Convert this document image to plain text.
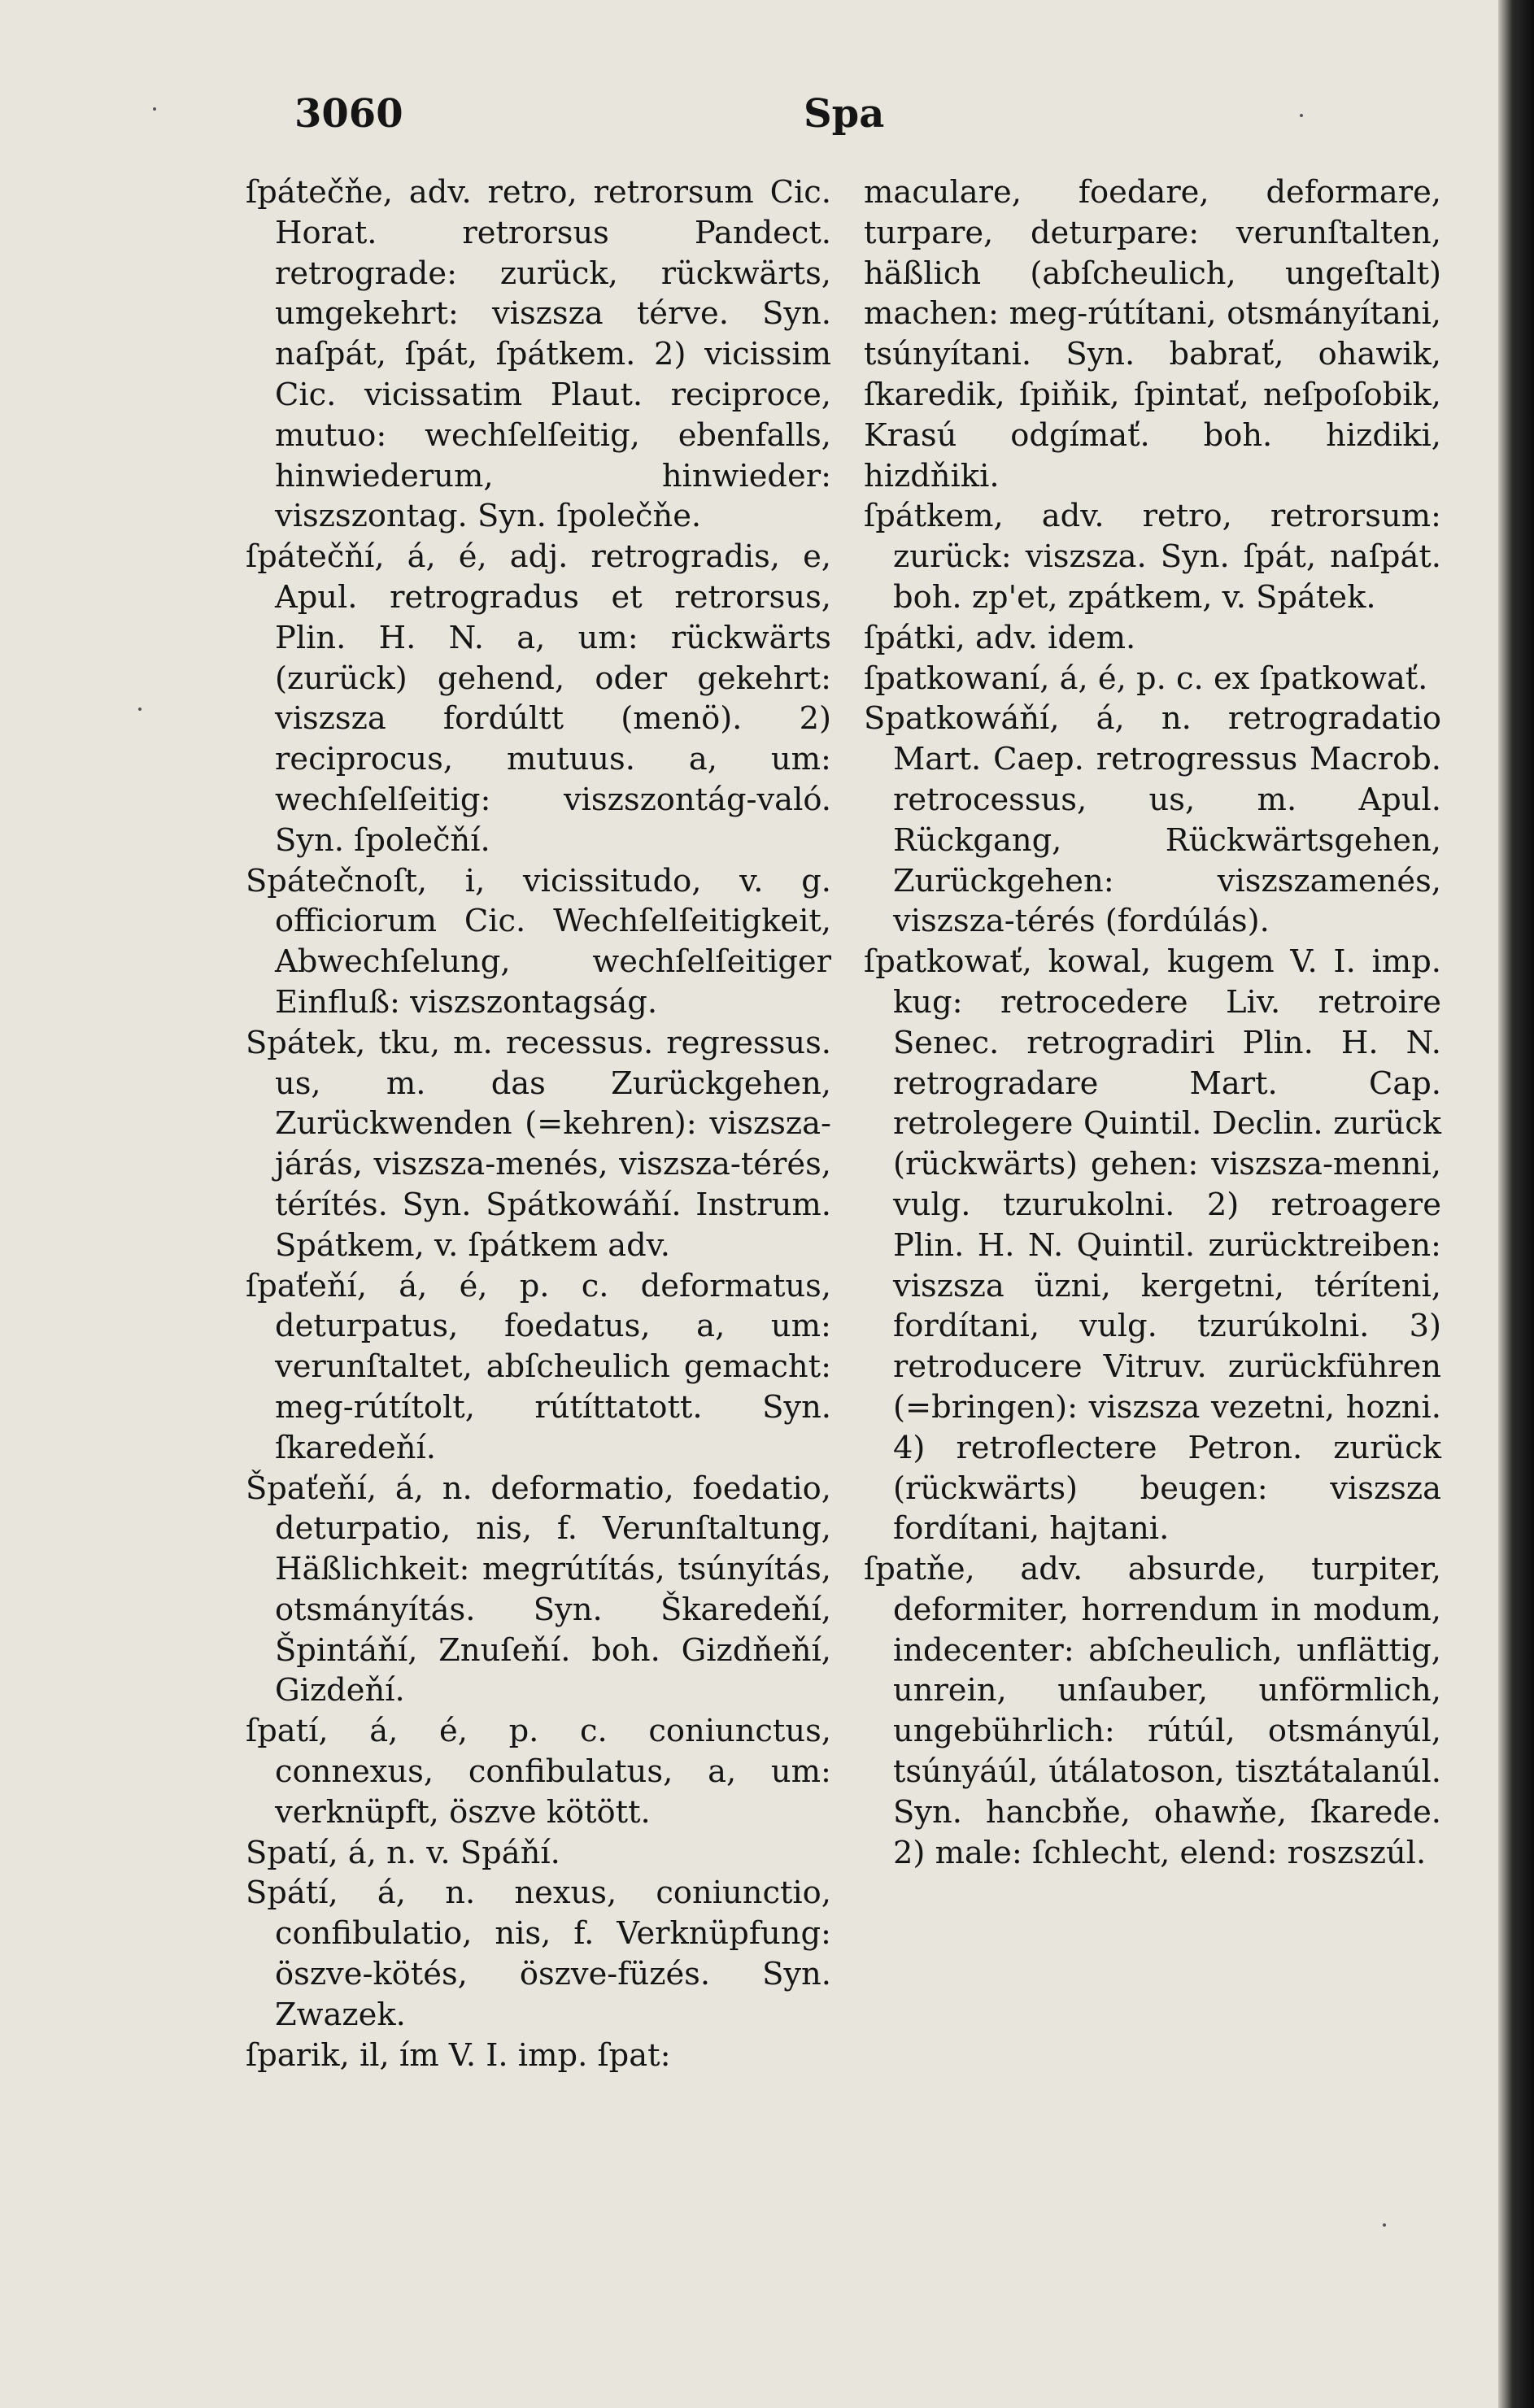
3060	Spa

ſpáteč́ňe, adv. retro, retrorsum Cic. Horat. retrorsus Pandect. retrograde: zurück, rückwärts, umgekehrt: viszsza térve. Syn. naſpát, ſpát, ſpátkem. 2) vicissim Cic. vicissatim Plaut. reciproce, mutuo: wechſelſeitig, ebenfalls, hinwiederum, hinwieder: viszszontag. Syn. ſpolečňe.

ſpátečňí, á, é, adj. retrogradis, e, Apul. retrogradus et retrorsus, Plin. H. N. a, um: rückwärts (zurück) gehend, oder gekehrt: viszsza fordúltt (menö). 2) reciprocus, mutuus. a, um: wechſelſeitig: viszszontág-való. Syn. ſpolečňí.

Spátečnoſt, i, vicissitudo, v. g. officiorum Cic. Wechſelſeitigkeit, Abwechſelung, wechſelſeitiger Einfluß: viszszontagság.

Spátek, tku, m. recessus. regressus. us, m. das Zurückgehen, Zurückwenden (=kehren): viszsza-járás, viszsza-menés, viszsza-térés, térítés. Syn. Spátkowáňí. Instrum. Spátkem, v. ſpátkem adv.

ſpaťeňí, á, é, p. c. deformatus, deturpatus, foedatus, a, um: verunſtaltet, abſcheulich gemacht: meg-rútítolt, rútíttatott. Syn. ſkaredeňí.

Špaťeňí, á, n. deformatio, foedatio, deturpatio, nis, f. Verunſtaltung, Häßlichkeit: megrútítás, tsúnyítás, otsmányítás. Syn. Škaredeňí, Špintáňí, Znuſeňí. boh. Gizdňeňí, Gizdeňí.

ſpatí, á, é, p. c. coniunctus, connexus, confibulatus, a, um: verknüpft, öszve kötött.

Spatí, á, n. v. Spáňí.

Spátí, á, n. nexus, coniunctio, confibulatio, nis, f. Verknüpfung: öszve-kötés, öszve-füzés. Syn. Zwazek.

ſparik, il, ím V. I. imp. ſpat:

maculare, foedare, deformare, turpare, deturpare: verunſtalten, häßlich (abſcheulich, ungeſtalt) machen: meg-rútítani, otsmányítani, tsúnyítani. Syn. babrať, ohawik, ſkaredik, ſpiňik, ſpintať, neſpoſobik, Krasú odgímať. boh. hizdiki, hizdňiki.

ſpátkem, adv. retro, retrorsum: zurück: viszsza. Syn. ſpát, naſpát. boh. zp'et, zpátkem, v. Spátek.

ſpátki, adv. idem.

ſpatkowaní, á, é, p. c. ex ſpatkowať.

Spatkowáňí, á, n. retrogradatio Mart. Caep. retrogressus Macrob. retrocessus, us, m. Apul. Rückgang, Rückwärtsgehen, Zurückgehen: viszszamenés, viszsza-térés (fordúlás).

ſpatkowať, kowal, kugem V. I. imp. kug: retrocedere Liv. retroire Senec. retrogradiri Plin. H. N. retrogradare Mart. Cap. retrolegere Quintil. Declin. zurück (rückwärts) gehen: viszsza-menni, vulg. tzurukolni. 2) retroagere Plin. H. N. Quintil. zurücktreiben: viszsza üzni, kergetni, téríteni, fordítani, vulg. tzurúkolni. 3) retroducere Vitruv. zurückführen (=bringen): viszsza vezetni, hozni. 4) retroflectere Petron. zurück (rückwärts) beugen: viszsza fordítani, hajtani.

ſpatňe, adv. absurde, turpiter, deformiter, horrendum in modum, indecenter: abſcheulich, unflättig, unrein, unſauber, unförmlich, ungebührlich: rútúl, otsmányúl, tsúnyáúl, útálatoson, tisztátalanúl. Syn. hancbňe, ohawňe, ſkaredе. 2) male: ſchlecht, elend: roszszúl.
